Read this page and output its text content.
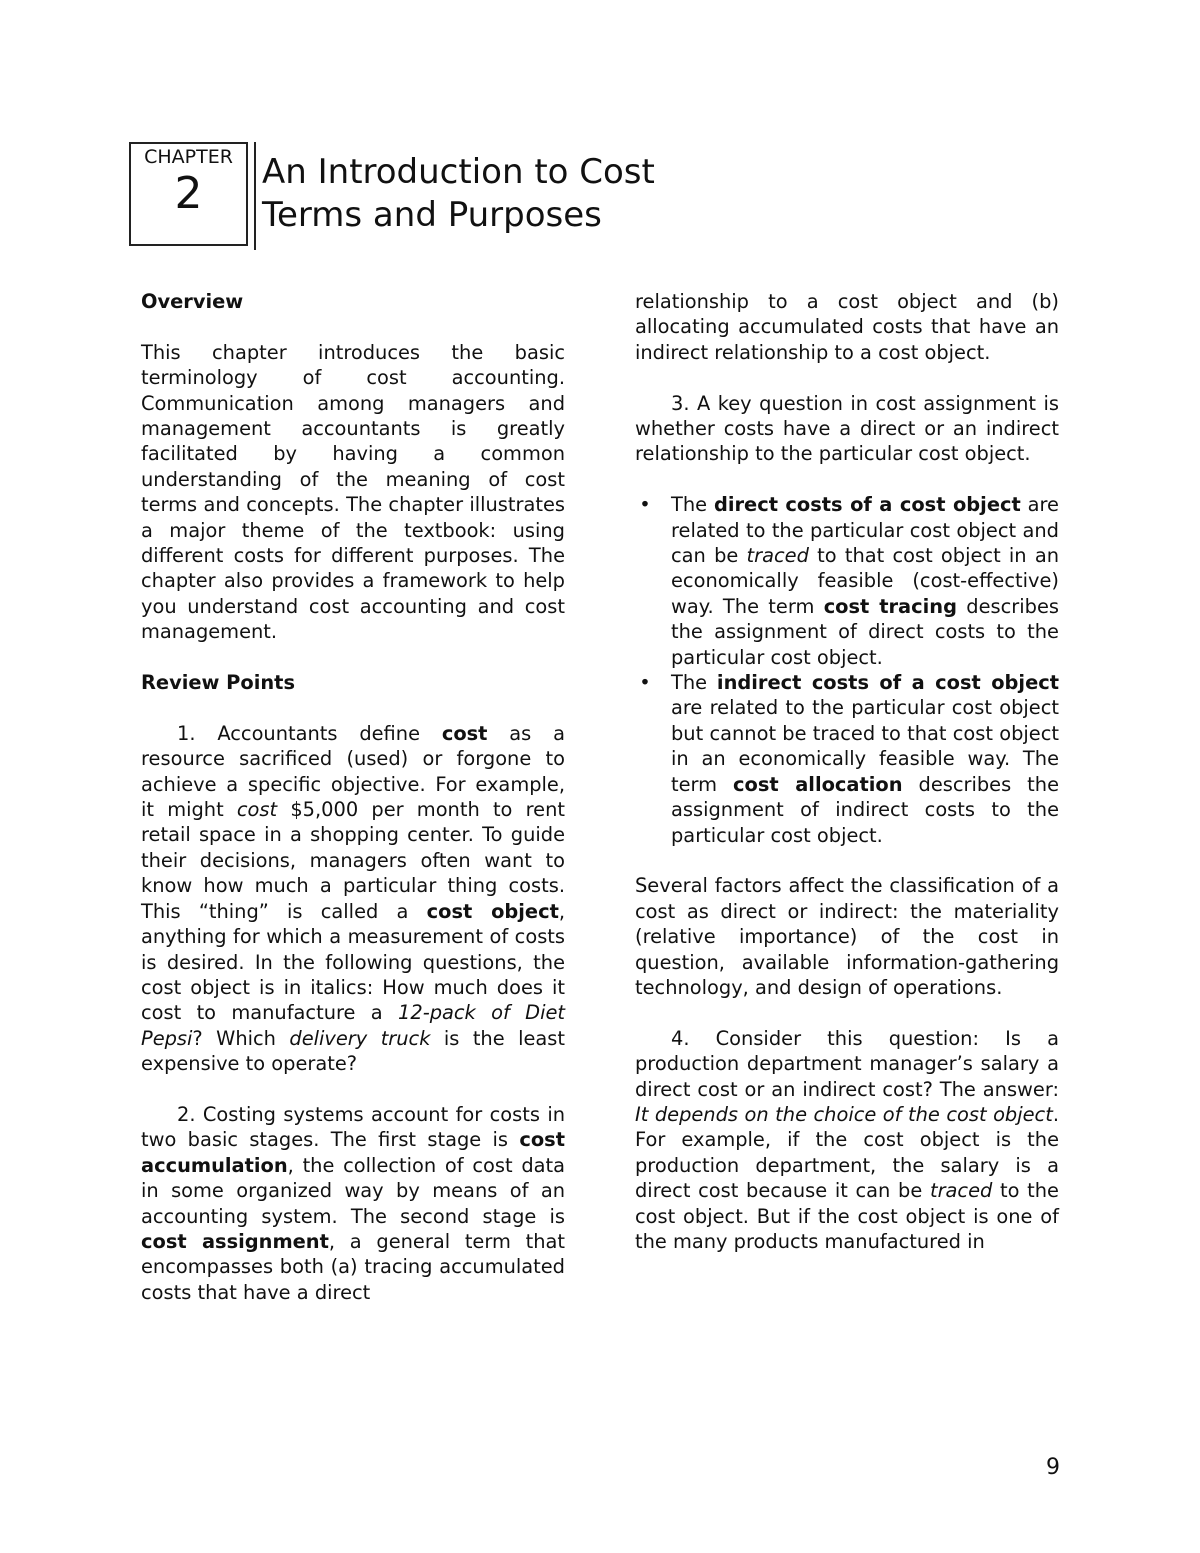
CHAPTER
2	An Introduction to Cost
Terms and Purposes
Overview

This chapter introduces the basic terminology of cost accounting. Communication among managers and management accountants is greatly facilitated by having a common understanding of the meaning of cost terms and concepts. The chapter illustrates a major theme of the textbook: using different costs for different purposes. The chapter also provides a framework to help you understand cost accounting and cost management.

Review Points

1. Accountants define cost as a resource sacrificed (used) or forgone to achieve a specific objective. For example, it might cost $5,000 per month to rent retail space in a shopping center. To guide their decisions, managers often want to know how much a particular thing costs. This “thing” is called a cost object, anything for which a measurement of costs is desired. In the following questions, the cost object is in italics: How much does it cost to manufacture a 12-pack of Diet Pepsi? Which delivery truck is the least expensive to operate?

2. Costing systems account for costs in two basic stages. The first stage is cost accumulation, the collection of cost data in some organized way by means of an accounting system. The second stage is cost assignment, a general term that encompasses both (a) tracing accumulated costs that have a direct

relationship to a cost object and (b) allocating accumulated costs that have an indirect relationship to a cost object.

3. A key question in cost assignment is whether costs have a direct or an indirect relationship to the particular cost object.

• The direct costs of a cost object are related to the particular cost object and can be traced to that cost object in an economically feasible (cost-effective) way. The term cost tracing describes the assignment of direct costs to the particular cost object.
• The indirect costs of a cost object are related to the particular cost object but cannot be traced to that cost object in an economically feasible way. The term cost allocation describes the assignment of indirect costs to the particular cost object.

Several factors affect the classification of a cost as direct or indirect: the materiality (relative importance) of the cost in question, available information-gathering technology, and design of operations.

4. Consider this question: Is a production department manager’s salary a direct cost or an indirect cost? The answer: It depends on the choice of the cost object. For example, if the cost object is the production department, the salary is a direct cost because it can be traced to the cost object. But if the cost object is one of the many products manufactured in

9
